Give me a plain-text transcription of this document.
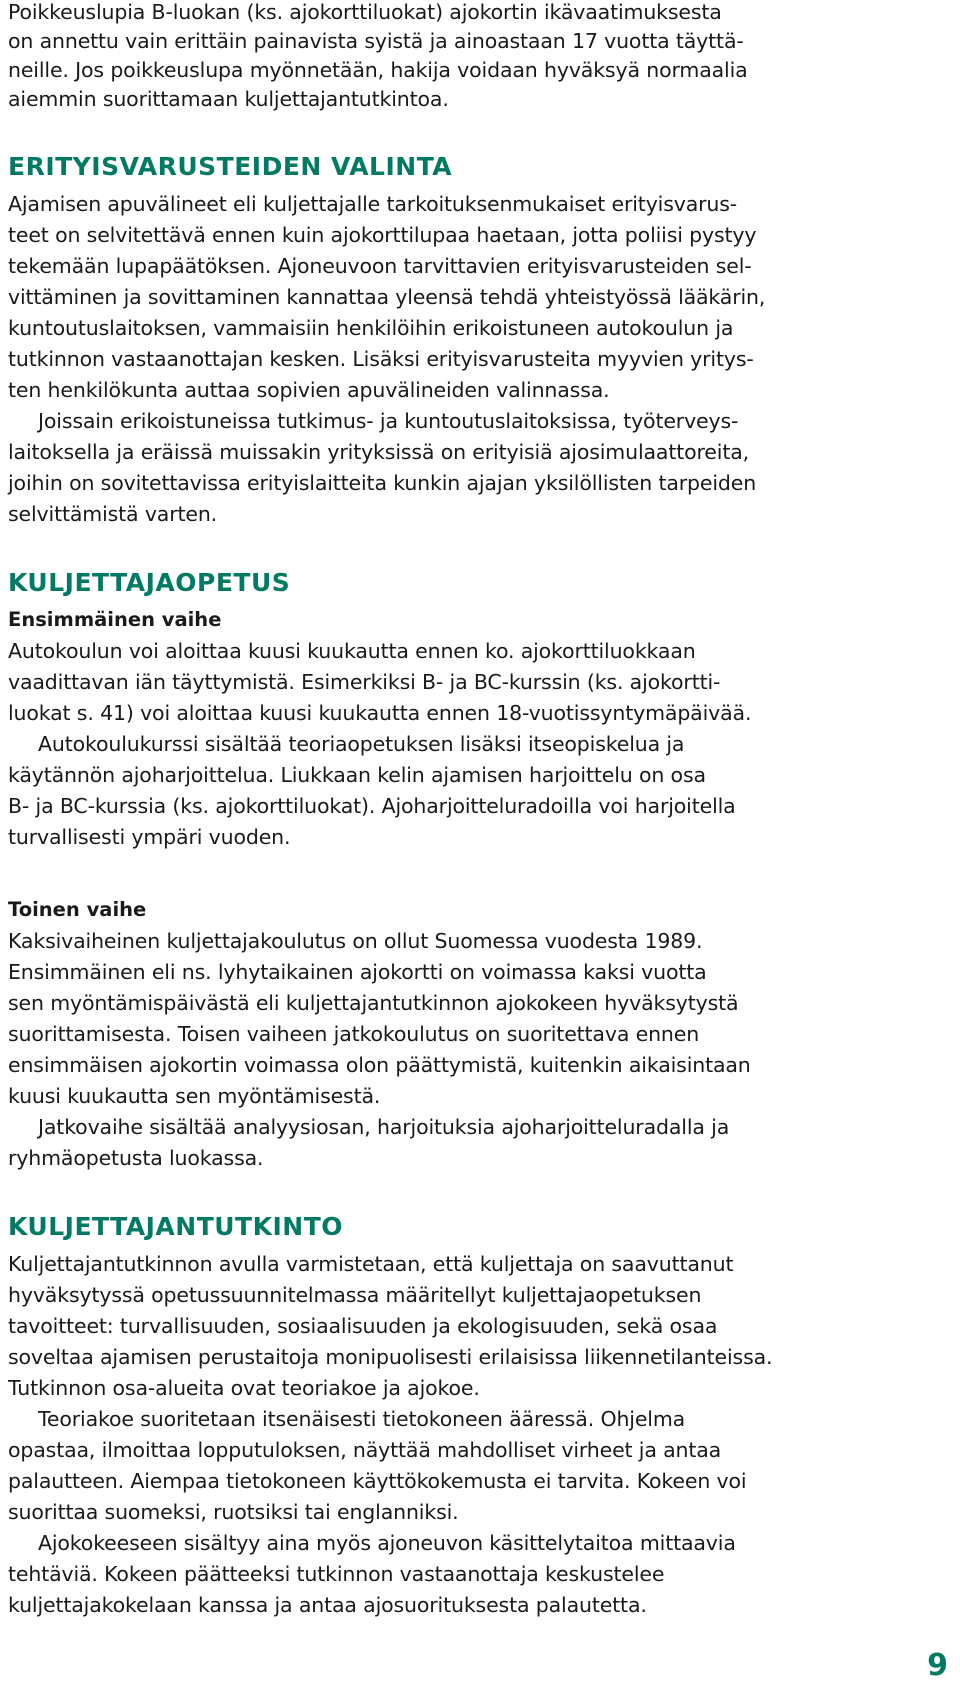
Poikkeuslupia B-luokan (ks. ajokorttiluokat) ajokortin ikävaatimuksesta
on annettu vain erittäin painavista syistä ja ainoastaan 17 vuotta täyttä-
neille. Jos poikkeuslupa myönnetään, hakija voidaan hyväksyä normaalia
aiemmin suorittamaan kuljettajantutkintoa.
ERITYISVARUSTEIDEN VALINTA
Ajamisen apuvälineet eli kuljettajalle tarkoituksenmukaiset erityisvarus-
teet on selvitettävä ennen kuin ajokorttilupaa haetaan, jotta poliisi pystyy
tekemään lupapäätöksen. Ajoneuvoon tarvittavien erityisvarusteiden sel-
vittäminen ja sovittaminen kannattaa yleensä tehdä yhteistyössä lääkärin,
kuntoutuslaitoksen, vammaisiin henkilöihin erikoistuneen autokoulun ja
tutkinnon vastaanottajan kesken. Lisäksi erityisvarusteita myyvien yritys-
ten henkilökunta auttaa sopivien apuvälineiden valinnassa.
Joissain erikoistuneissa tutkimus- ja kuntoutuslaitoksissa, työterveys-
laitoksella ja eräissä muissakin yrityksissä on erityisiä ajosimulaattoreita,
joihin on sovitettavissa erityislaitteita kunkin ajajan yksilöllisten tarpeiden
selvittämistä varten.
KULJETTAJAOPETUS
Ensimmäinen vaihe
Autokoulun voi aloittaa kuusi kuukautta ennen ko. ajokorttiluokkaan
vaadittavan iän täyttymistä. Esimerkiksi B- ja BC-kurssin (ks. ajokortti-
luokat s. 41) voi aloittaa kuusi kuukautta ennen 18-vuotissyntymäpäivää.
Autokoulukurssi sisältää teoriaopetuksen lisäksi itseopiskelua ja
käytännön ajoharjoittelua. Liukkaan kelin ajamisen harjoittelu on osa
B- ja BC-kurssia (ks. ajokorttiluokat). Ajoharjoitteluradoilla voi harjoitella
turvallisesti ympäri vuoden.
Toinen vaihe
Kaksivaiheinen kuljettajakoulutus on ollut Suomessa vuodesta 1989.
Ensimmäinen eli ns. lyhytaikainen ajokortti on voimassa kaksi vuotta
sen myöntämispäivästä eli kuljettajantutkinnon ajokokeen hyväksytystä
suorittamisesta. Toisen vaiheen jatkokoulutus on suoritettava ennen
ensimmäisen ajokortin voimassa olon päättymistä, kuitenkin aikaisintaan
kuusi kuukautta sen myöntämisestä.
Jatkovaihe sisältää analyysiosan, harjoituksia ajoharjoitteluradalla ja
ryhmäopetusta luokassa.
KULJETTAJANTUTKINTO
Kuljettajantutkinnon avulla varmistetaan, että kuljettaja on saavuttanut
hyväksytyssä opetussuunnitelmassa määritellyt kuljettajaopetuksen
tavoitteet: turvallisuuden, sosiaalisuuden ja ekologisuuden, sekä osaa
soveltaa ajamisen perustaitoja monipuolisesti erilaisissa liikennetilanteissa.
Tutkinnon osa-alueita ovat teoriakoe ja ajokoe.
Teoriakoe suoritetaan itsenäisesti tietokoneen ääressä. Ohjelma
opastaa, ilmoittaa lopputuloksen, näyttää mahdolliset virheet ja antaa
palautteen. Aiempaa tietokoneen käyttökokemusta ei tarvita. Kokeen voi
suorittaa suomeksi, ruotsiksi tai englanniksi.
Ajokokeeseen sisältyy aina myös ajoneuvon käsittelytaitoa mittaavia
tehtäviä. Kokeen päätteeksi tutkinnon vastaanottaja keskustelee
kuljettajakokelaan kanssa ja antaa ajosuorituksesta palautetta.
9
